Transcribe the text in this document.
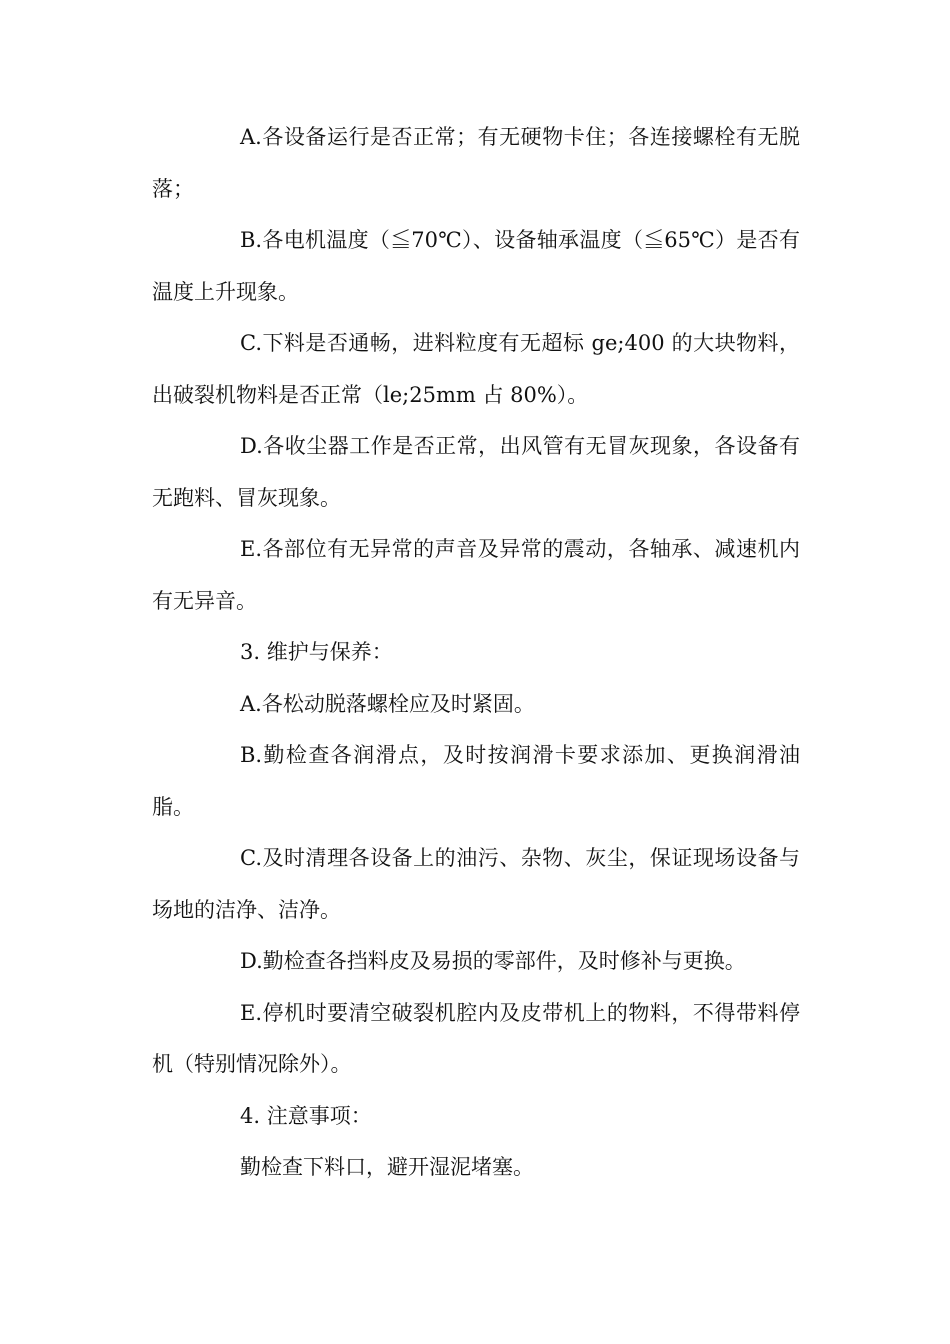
A.各设备运行是否正常；有无硬物卡住；各连接螺栓有无脱落；

B.各电机温度（≦70℃）、设备轴承温度（≦65℃）是否有温度上升现象。

C.下料是否通畅，进料粒度有无超标 ge;400 的大块物料，出破裂机物料是否正常（le;25mm 占 80%）。

D.各收尘器工作是否正常，出风管有无冒灰现象，各设备有无跑料、冒灰现象。

E.各部位有无异常的声音及异常的震动，各轴承、减速机内有无异音。

3. 维护与保养：

A.各松动脱落螺栓应及时紧固。

B.勤检查各润滑点，及时按润滑卡要求添加、更换润滑油脂。

C.及时清理各设备上的油污、杂物、灰尘，保证现场设备与场地的洁净、洁净。

D.勤检查各挡料皮及易损的零部件，及时修补与更换。

E.停机时要清空破裂机腔内及皮带机上的物料，不得带料停机（特别情况除外）。

4. 注意事项：

勤检查下料口，避开湿泥堵塞。
